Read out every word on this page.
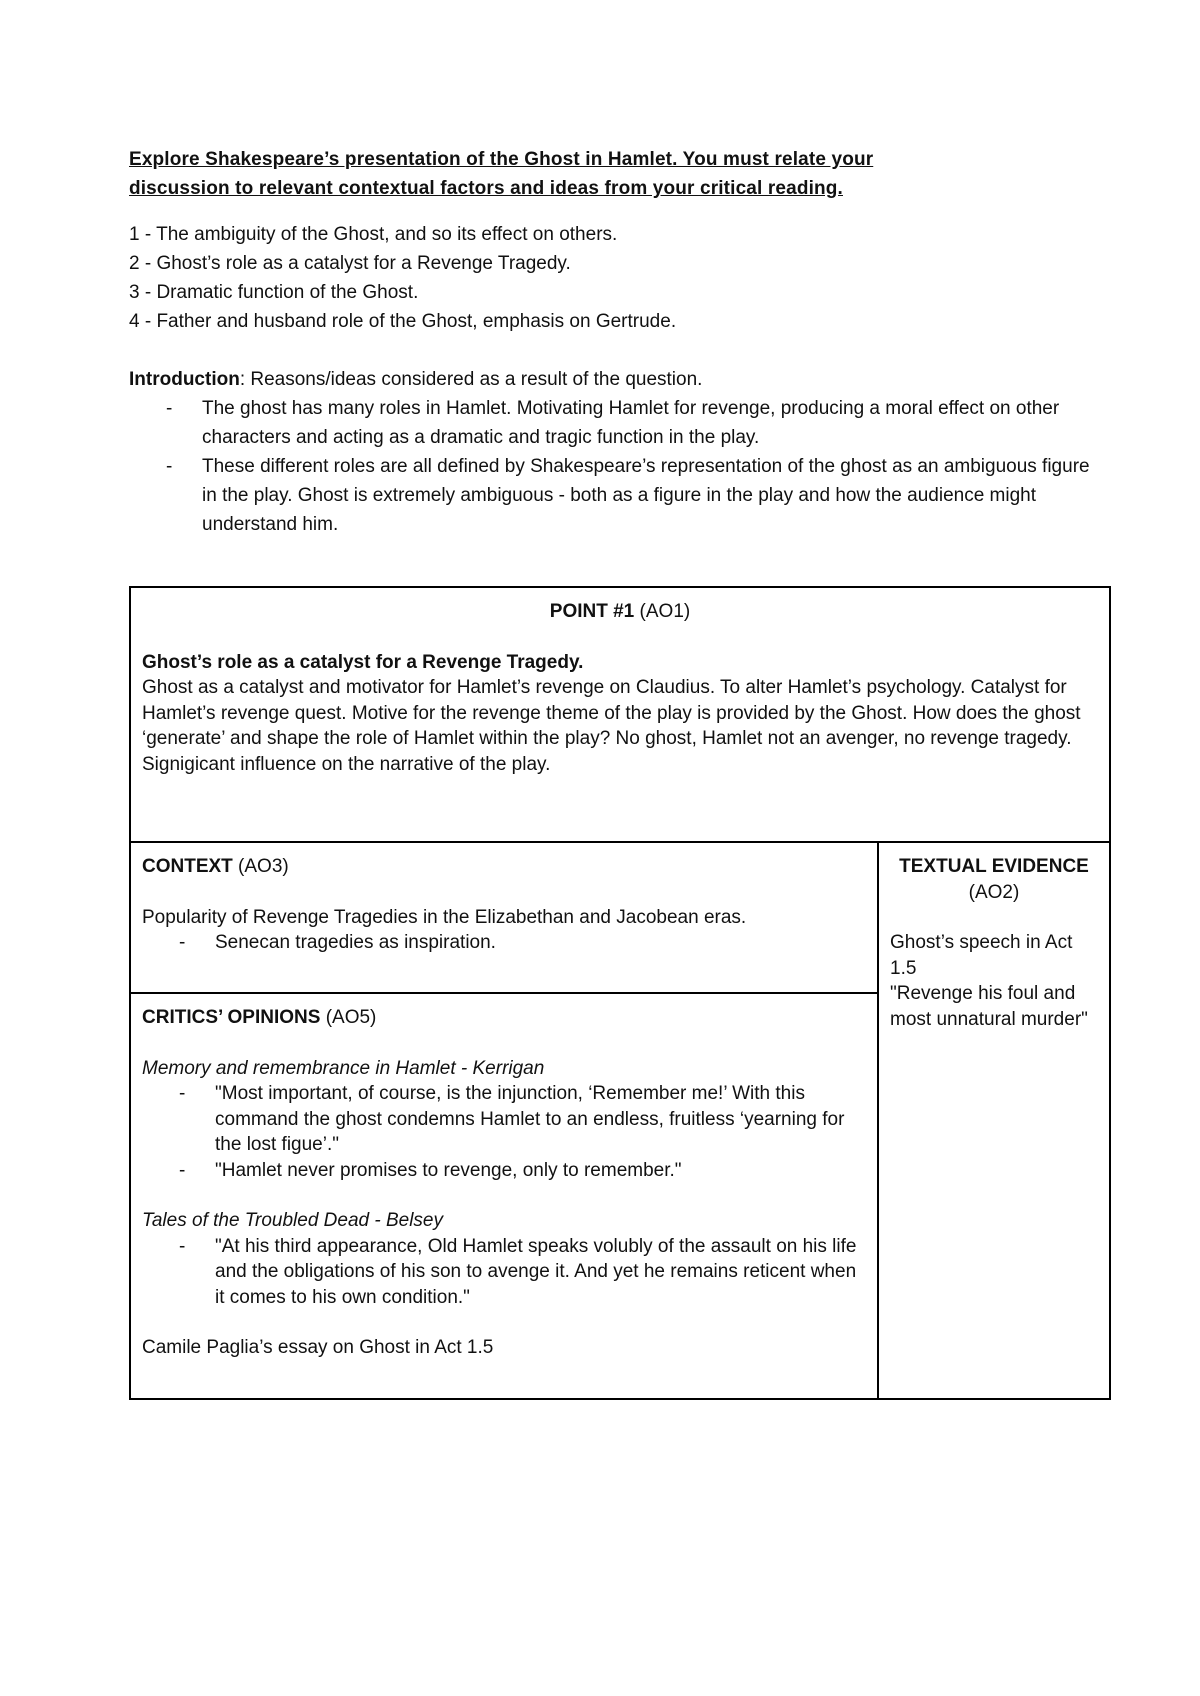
Explore Shakespeare’s presentation of the Ghost in Hamlet. You must relate your
discussion to relevant contextual factors and ideas from your critical reading.

1 - The ambiguity of the Ghost, and so its effect on others.
2 - Ghost’s role as a catalyst for a Revenge Tragedy.
3 - Dramatic function of the Ghost.
4 - Father and husband role of the Ghost, emphasis on Gertrude.
Introduction: Reasons/ideas considered as a result of the question.
- The ghost has many roles in Hamlet. Motivating Hamlet for revenge, producing a moral effect on other characters and acting as a dramatic and tragic function in the play.
- These different roles are all defined by Shakespeare’s representation of the ghost as an ambiguous figure in the play. Ghost is extremely ambiguous - both as a figure in the play and how the audience might understand him.
POINT #1 (AO1)
Ghost’s role as a catalyst for a Revenge Tragedy.
Ghost as a catalyst and motivator for Hamlet’s revenge on Claudius. To alter Hamlet’s psychology. Catalyst for Hamlet’s revenge quest. Motive for the revenge theme of the play is provided by the Ghost. How does the ghost ‘generate’ and shape the role of Hamlet within the play? No ghost, Hamlet not an avenger, no revenge tragedy. Signigicant influence on the narrative of the play.

CONTEXT (AO3)
Popularity of Revenge Tragedies in the Elizabethan and Jacobean eras.
- Senecan tragedies as inspiration.

TEXTUAL EVIDENCE
(AO2)
Ghost’s speech in Act 1.5
"Revenge his foul and most unnatural murder"

CRITICS’ OPINIONS (AO5)
Memory and remembrance in Hamlet - Kerrigan
- "Most important, of course, is the injunction, ‘Remember me!’ With this command the ghost condemns Hamlet to an endless, fruitless ‘yearning for the lost figue’."
- "Hamlet never promises to revenge, only to remember."
Tales of the Troubled Dead - Belsey
- "At his third appearance, Old Hamlet speaks volubly of the assault on his life and the obligations of his son to avenge it. And yet he remains reticent when it comes to his own condition."
Camile Paglia’s essay on Ghost in Act 1.5
